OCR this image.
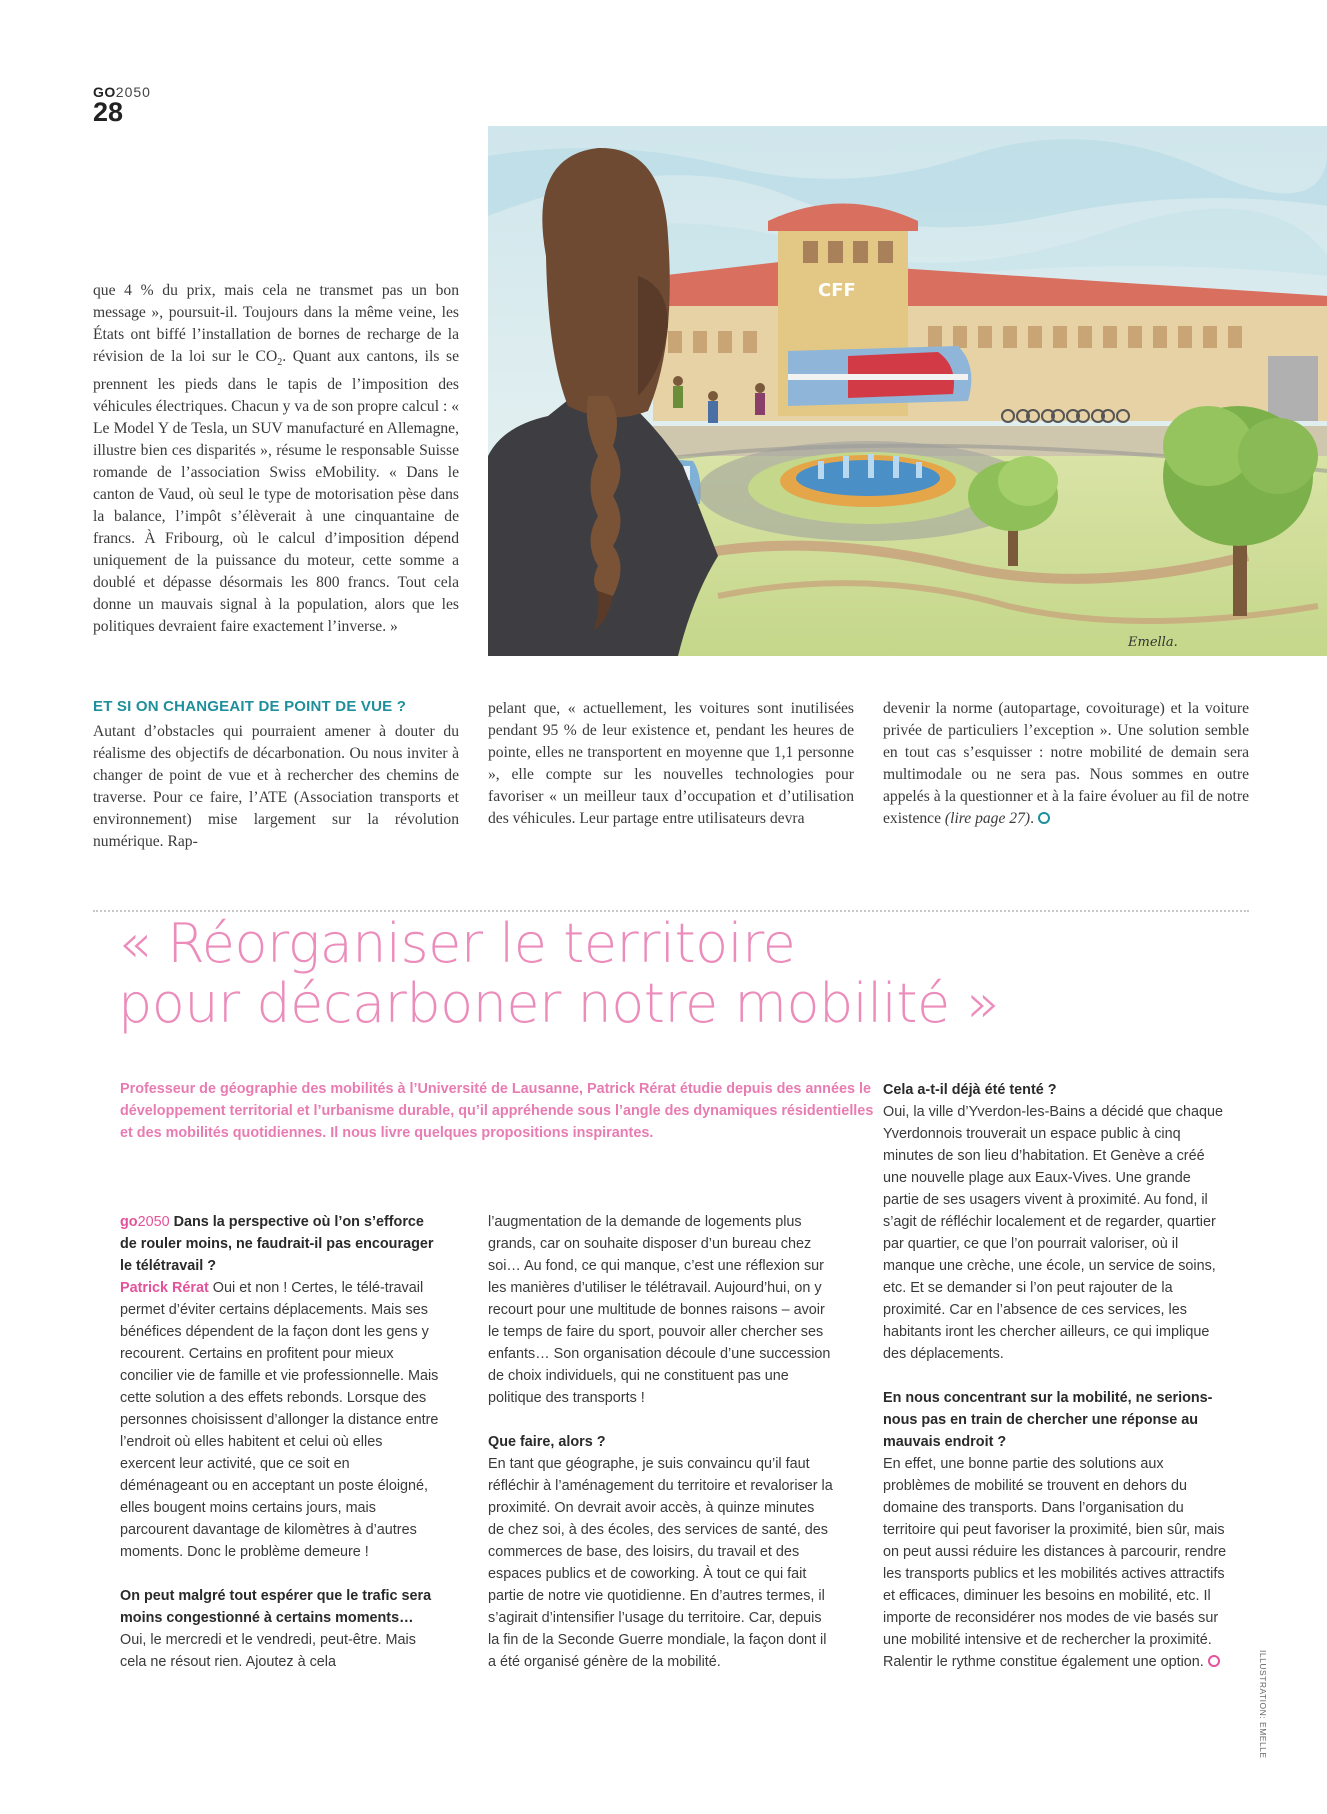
GO2050
28
CFF
Emella.

que 4 % du prix, mais cela ne transmet pas un bon message », poursuit-il. Toujours dans la même veine, les États ont biffé l’installation de bornes de recharge de la révision de la loi sur le $CO_2$. Quant aux cantons, ils se prennent les pieds dans le tapis de l’imposition des véhicules électriques. Chacun y va de son propre calcul : « Le Model Y de Tesla, un SUV manufacturé en Allemagne, illustre bien ces disparités », résume le responsable Suisse romande de l’association Swiss eMobility. « Dans le canton de Vaud, où seul le type de motorisation pèse dans la balance, l’impôt s’élèverait à une cinquantaine de francs. À Fribourg, où le calcul d’imposition dépend uniquement de la puissance du moteur, cette somme a doublé et dépasse désormais les 800 francs. Tout cela donne un mauvais signal à la population, alors que les politiques devraient faire exactement l’inverse. »

ET SI ON CHANGEAIT DE POINT DE VUE ?

Autant d’obstacles qui pourraient amener à douter du réalisme des objectifs de décarbonation. Ou nous inviter à changer de point de vue et à rechercher des chemins de traverse. Pour ce faire, l’ATE (Association transports et environnement) mise largement sur la révolution numérique. Rap-

pelant que, « actuellement, les voitures sont inutilisées pendant 95 % de leur existence et, pendant les heures de pointe, elles ne transportent en moyenne que 1,1 personne », elle compte sur les nouvelles technologies pour favoriser « un meilleur taux d’occupation et d’utilisation des véhicules. Leur partage entre utilisateurs devra

devenir la norme (autopartage, covoiturage) et la voiture privée de particuliers l’exception ». Une solution semble en tout cas s’esquisser : notre mobilité de demain sera multimodale ou ne sera pas. Nous sommes en outre appelés à la questionner et à la faire évoluer au fil de notre existence (lire page 27).

« Réorganiser le territoire
pour décarboner notre mobilité »
Professeur de géographie des mobilités à l’Université de Lausanne, Patrick Rérat étudie depuis des années le développement territorial et l’urbanisme durable, qu’il appréhende sous l’angle des dynamiques résidentielles et des mobilités quotidiennes. Il nous livre quelques propositions inspirantes.

go2050 Dans la perspective où l’on s’efforce de rouler moins, ne faudrait-il pas encourager le télétravail ?

Patrick Rérat Oui et non ! Certes, le télé-travail permet d’éviter certains déplacements. Mais ses bénéfices dépendent de la façon dont les gens y recourent. Certains en profitent pour mieux concilier vie de famille et vie professionnelle. Mais cette solution a des effets rebonds. Lorsque des personnes choisissent d’allonger la distance entre l’endroit où elles habitent et celui où elles exercent leur activité, que ce soit en déménageant ou en acceptant un poste éloigné, elles bougent moins certains jours, mais parcourent davantage de kilomètres à d’autres moments. Donc le problème demeure !

On peut malgré tout espérer que le trafic sera moins congestionné à certains moments…

Oui, le mercredi et le vendredi, peut-être. Mais cela ne résout rien. Ajoutez à cela

l’augmentation de la demande de logements plus grands, car on souhaite disposer d’un bureau chez soi… Au fond, ce qui manque, c’est une réflexion sur les manières d’utiliser le télétravail. Aujourd’hui, on y recourt pour une multitude de bonnes raisons – avoir le temps de faire du sport, pouvoir aller chercher ses enfants… Son organisation découle d’une succession de choix individuels, qui ne constituent pas une politique des transports !

Que faire, alors ?

En tant que géographe, je suis convaincu qu’il faut réfléchir à l’aménagement du territoire et revaloriser la proximité. On devrait avoir accès, à quinze minutes de chez soi, à des écoles, des services de santé, des commerces de base, des loisirs, du travail et des espaces publics et de coworking. À tout ce qui fait partie de notre vie quotidienne. En d’autres termes, il s’agirait d’intensifier l’usage du territoire. Car, depuis la fin de la Seconde Guerre mondiale, la façon dont il a été organisé génère de la mobilité.

Cela a-t-il déjà été tenté ?

Oui, la ville d’Yverdon-les-Bains a décidé que chaque Yverdonnois trouverait un espace public à cinq minutes de son lieu d’habitation. Et Genève a créé une nouvelle plage aux Eaux-Vives. Une grande partie de ses usagers vivent à proximité. Au fond, il s’agit de réfléchir localement et de regarder, quartier par quartier, ce que l’on pourrait valoriser, où il manque une crèche, une école, un service de soins, etc. Et se demander si l’on peut rajouter de la proximité. Car en l’absence de ces services, les habitants iront les chercher ailleurs, ce qui implique des déplacements.

En nous concentrant sur la mobilité, ne serions-nous pas en train de chercher une réponse au mauvais endroit ?

En effet, une bonne partie des solutions aux problèmes de mobilité se trouvent en dehors du domaine des transports. Dans l’organisation du territoire qui peut favoriser la proximité, bien sûr, mais on peut aussi réduire les distances à parcourir, rendre les transports publics et les mobilités actives attractifs et efficaces, diminuer les besoins en mobilité, etc. Il importe de reconsidérer nos modes de vie basés sur une mobilité intensive et de rechercher la proximité. Ralentir le rythme constitue également une option.	ILLUSTRATION: EMELLE
